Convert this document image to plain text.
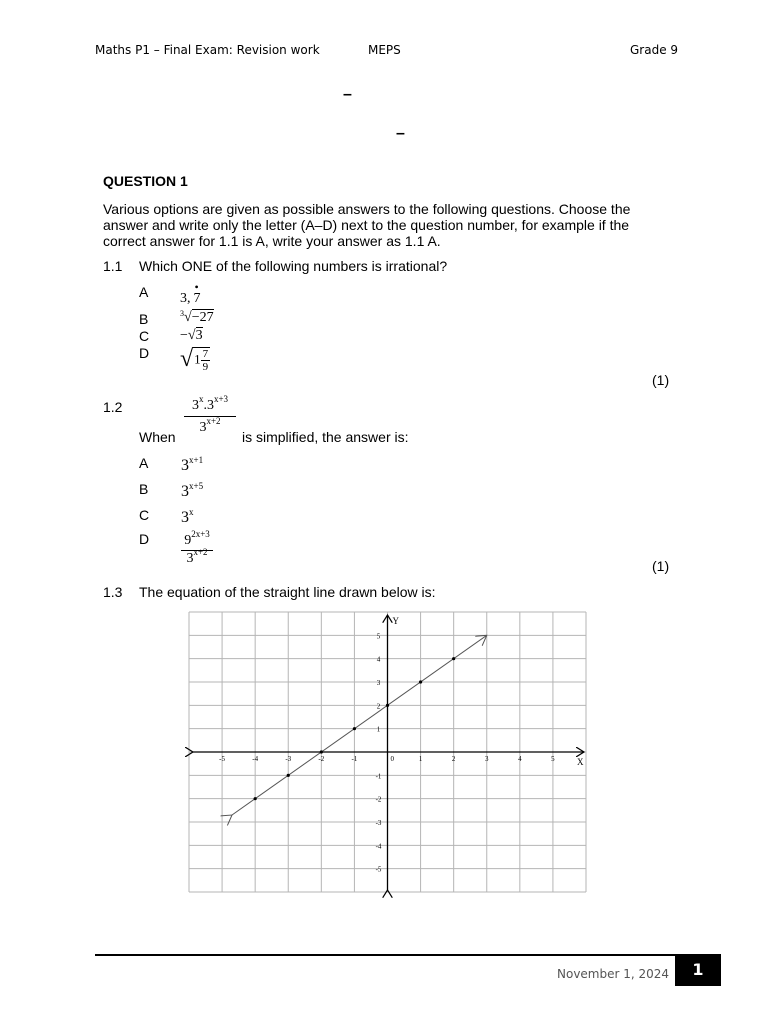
Maths P1 – Final Exam: Revision work	MEPS	Grade 9
–
–
QUESTION 1
Various options are given as possible answers to the following questions. Choose the answer and write only the letter (A–D) next to the question number, for example if the correct answer for 1.1 is A, write your answer as 1.1 A.
1.1 Which ONE of the following numbers is irrational?
A 3,
•
7
B	$^3$√−27
C −√3
D $√1 \frac{7}{9}$
(1)
1.2	$3^x.3^{x+3}$
$3^{x+2}$
When	is simplified, the answer is:
A $3^{x+1}$
B $3^{x+5}$
C 3$^x$
D	$9^{2x+3}$
$3^{x+2}$
(1)
1.3 The equation of the straight line drawn below is:
-5	-4	-3	-2	-1	0	1	2	3	4	5
1
2
3
4
5
-1
-2
-3
-4
-5
X
Y
November 1, 2024	1
